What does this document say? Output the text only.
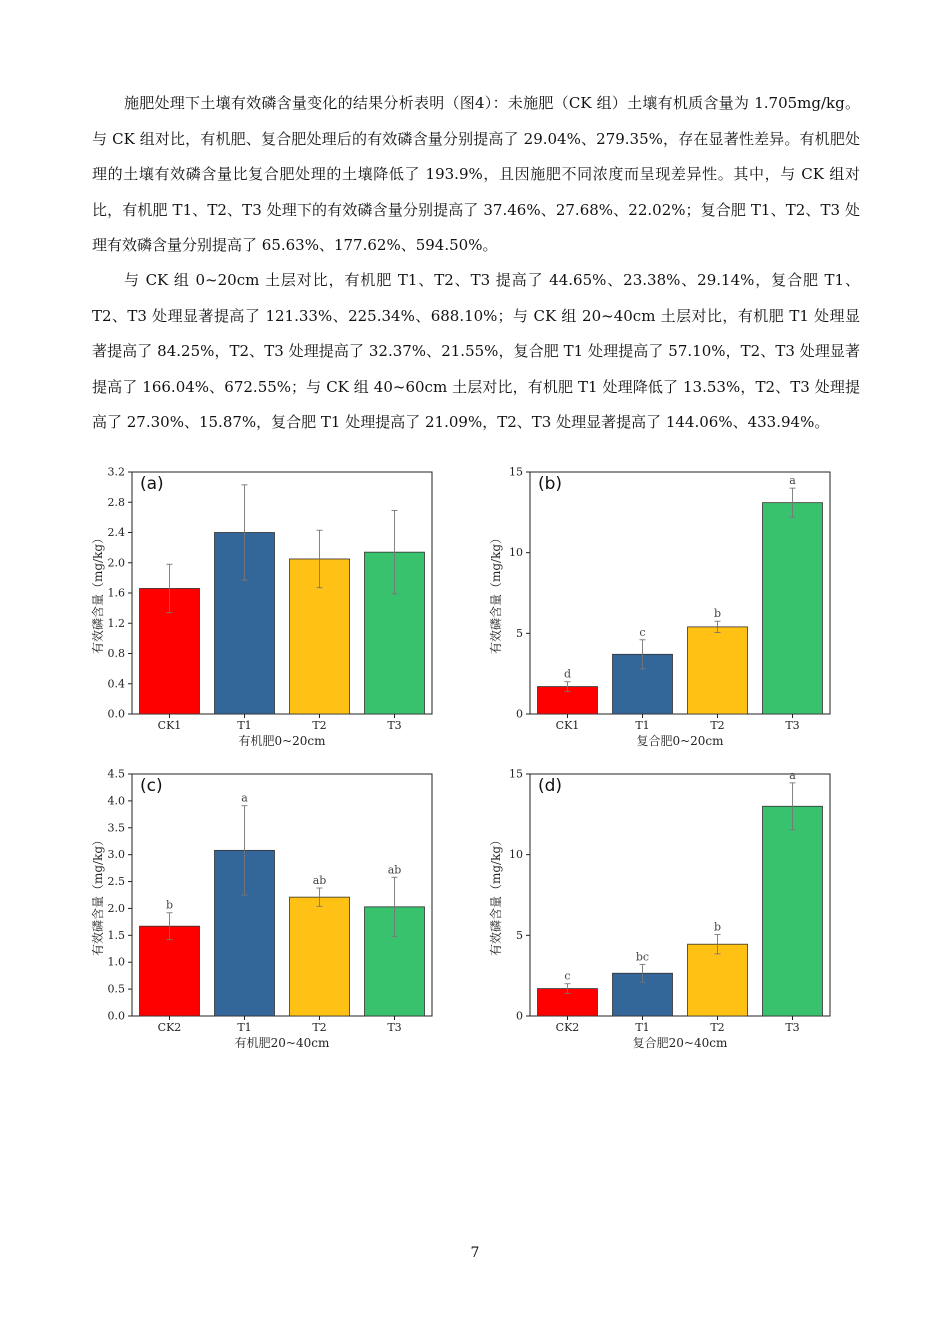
施肥处理下土壤有效磷含量变化的结果分析表明（图4）：未施肥（CK 组）土壤有机质含量为 1.705mg/kg。与 CK 组对比，有机肥、复合肥处理后的有效磷含量分别提高了 29.04%、279.35%，存在显著性差异。有机肥处理的土壤有效磷含量比复合肥处理的土壤降低了 193.9%，且因施肥不同浓度而呈现差异性。其中，与 CK 组对比，有机肥 T1、T2、T3 处理下的有效磷含量分别提高了 37.46%、27.68%、22.02%；复合肥 T1、T2、T3 处理有效磷含量分别提高了 65.63%、177.62%、594.50%。

与 CK 组 0~20cm 土层对比，有机肥 T1、T2、T3 提高了 44.65%、23.38%、29.14%，复合肥 T1、T2、T3 处理显著提高了 121.33%、225.34%、688.10%；与 CK 组 20~40cm 土层对比，有机肥 T1 处理显著提高了 84.25%，T2、T3 处理提高了 32.37%、21.55%，复合肥 T1 处理提高了 57.10%，T2、T3 处理显著提高了 166.04%、672.55%；与 CK 组 40~60cm 土层对比，有机肥 T1 处理降低了 13.53%，T2、T3 处理提高了 27.30%、15.87%，复合肥 T1 处理提高了 21.09%，T2、T3 处理显著提高了 144.06%、433.94%。

0.0
0.4
0.8
1.2
1.6
2.0
2.4
2.8
3.2
CK1	T1	T2	T3
有机肥0~20cm
有效磷含量（mg/kg）
(a)
0
5
10
15
d
CK1
c
T1
b
T2
a
T3
复合肥0~20cm
有效磷含量（mg/kg）
(b)
0.0
0.5
1.0
1.5
2.0
2.5
3.0
3.5
4.0
4.5
b
CK2
a
T1
ab
T2
ab
T3
有机肥20~40cm
有效磷含量（mg/kg）
(c)
0
5
10
15
c
CK2
bc
T1
b
T2
a
T3
复合肥20~40cm
有效磷含量（mg/kg）
(d)
7
